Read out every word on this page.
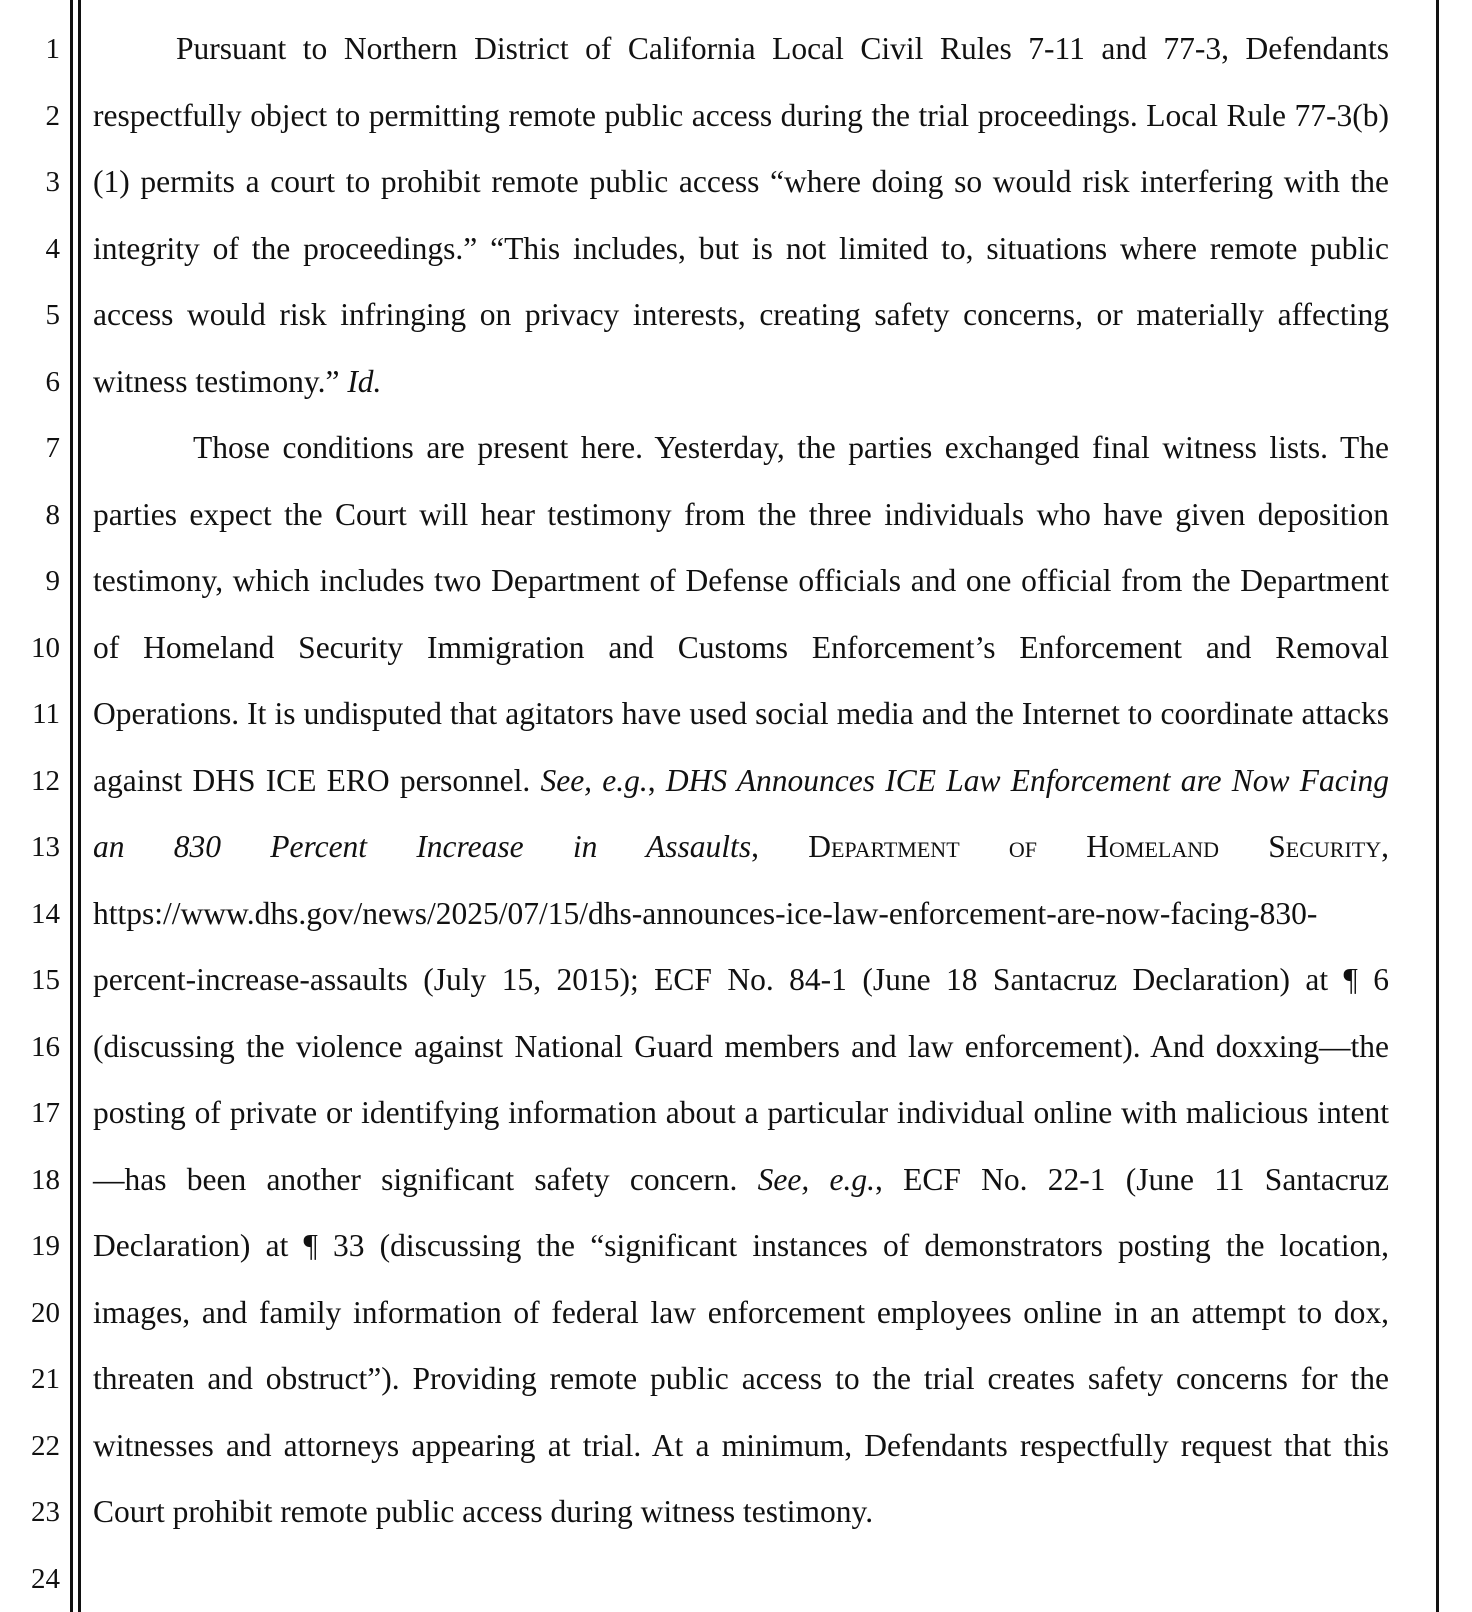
1
2
3
4
5
6
7
8
9
10
11
12
13
14
15
16
17
18
19
20
21
22
23
24

Pursuant to Northern District of California Local Civil Rules 7-11 and 77-3, Defendants respectfully object to permitting remote public access during the trial proceedings. Local Rule 77-3(b)(1) permits a court to prohibit remote public access “where doing so would risk interfering with the integrity of the proceedings.” “This includes, but is not limited to, situations where remote public access would risk infringing on privacy interests, creating safety concerns, or materially affecting witness testimony.” Id.

Those conditions are present here. Yesterday, the parties exchanged final witness lists. The parties expect the Court will hear testimony from the three individuals who have given deposition testimony, which includes two Department of Defense officials and one official from the Department of Homeland Security Immigration and Customs Enforcement’s Enforcement and Removal Operations. It is undisputed that agitators have used social media and the Internet to coordinate attacks against DHS ICE ERO personnel. See, e.g., DHS Announces ICE Law Enforcement are Now Facing an 830 Percent Increase in Assaults, Department of Homeland Security, https://www.dhs.gov/news/2025/07/15/dhs-announces-ice-law-enforcement-are-now-facing-830-percent-increase-assaults (July 15, 2015); ECF No. 84-1 (June 18 Santacruz Declaration) at ¶ 6 (discussing the violence against National Guard members and law enforcement). And doxxing—the posting of private or identifying information about a particular individual online with malicious intent—has been another significant safety concern. See, e.g., ECF No. 22-1 (June 11 Santacruz Declaration) at ¶ 33 (discussing the “significant instances of demonstrators posting the location, images, and family information of federal law enforcement employees online in an attempt to dox, threaten and obstruct”). Providing remote public access to the trial creates safety concerns for the witnesses and attorneys appearing at trial. At a minimum, Defendants respectfully request that this Court prohibit remote public access during witness testimony.
